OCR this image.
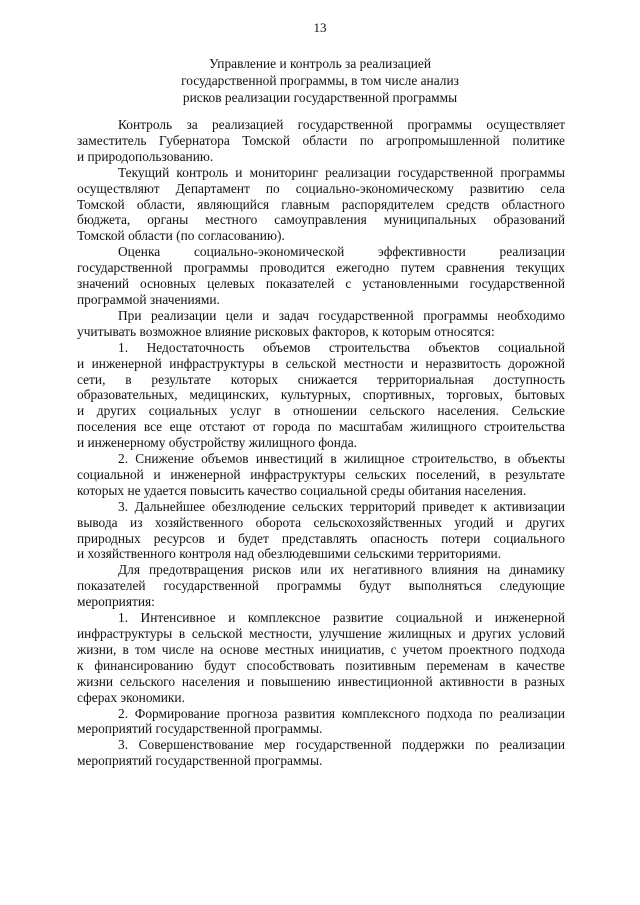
13
Управление и контроль за реализацией
государственной программы, в том числе анализ
рисков реализации государственной программы
Контроль за реализацией государственной программы осуществляет
заместитель Губернатора Томской области по агропромышленной политике
и природопользованию.
Текущий контроль и мониторинг реализации государственной программы
осуществляют Департамент по социально-экономическому развитию села
Томской области, являющийся главным распорядителем средств областного
бюджета, органы местного самоуправления муниципальных образований
Томской области (по согласованию).
Оценка социально-экономической эффективности реализации
государственной программы проводится ежегодно путем сравнения текущих
значений основных целевых показателей с установленными государственной
программой значениями.
При реализации цели и задач государственной программы необходимо
учитывать возможное влияние рисковых факторов, к которым относятся:
1. Недостаточность объемов строительства объектов социальной
и инженерной инфраструктуры в сельской местности и неразвитость дорожной
сети, в результате которых снижается территориальная доступность
образовательных, медицинских, культурных, спортивных, торговых, бытовых
и других социальных услуг в отношении сельского населения. Сельские
поселения все еще отстают от города по масштабам жилищного строительства
и инженерному обустройству жилищного фонда.
2. Снижение объемов инвестиций в жилищное строительство, в объекты
социальной и инженерной инфраструктуры сельских поселений, в результате
которых не удается повысить качество социальной среды обитания населения.
3. Дальнейшее обезлюдение сельских территорий приведет к активизации
вывода из хозяйственного оборота сельскохозяйственных угодий и других
природных ресурсов и будет представлять опасность потери социального
и хозяйственного контроля над обезлюдевшими сельскими территориями.
Для предотвращения рисков или их негативного влияния на динамику
показателей государственной программы будут выполняться следующие
мероприятия:
1. Интенсивное и комплексное развитие социальной и инженерной
инфраструктуры в сельской местности, улучшение жилищных и других условий
жизни, в том числе на основе местных инициатив, с учетом проектного подхода
к финансированию будут способствовать позитивным переменам в качестве
жизни сельского населения и повышению инвестиционной активности в разных
сферах экономики.
2. Формирование прогноза развития комплексного подхода по реализации
мероприятий государственной программы.
3. Совершенствование мер государственной поддержки по реализации
мероприятий государственной программы.
